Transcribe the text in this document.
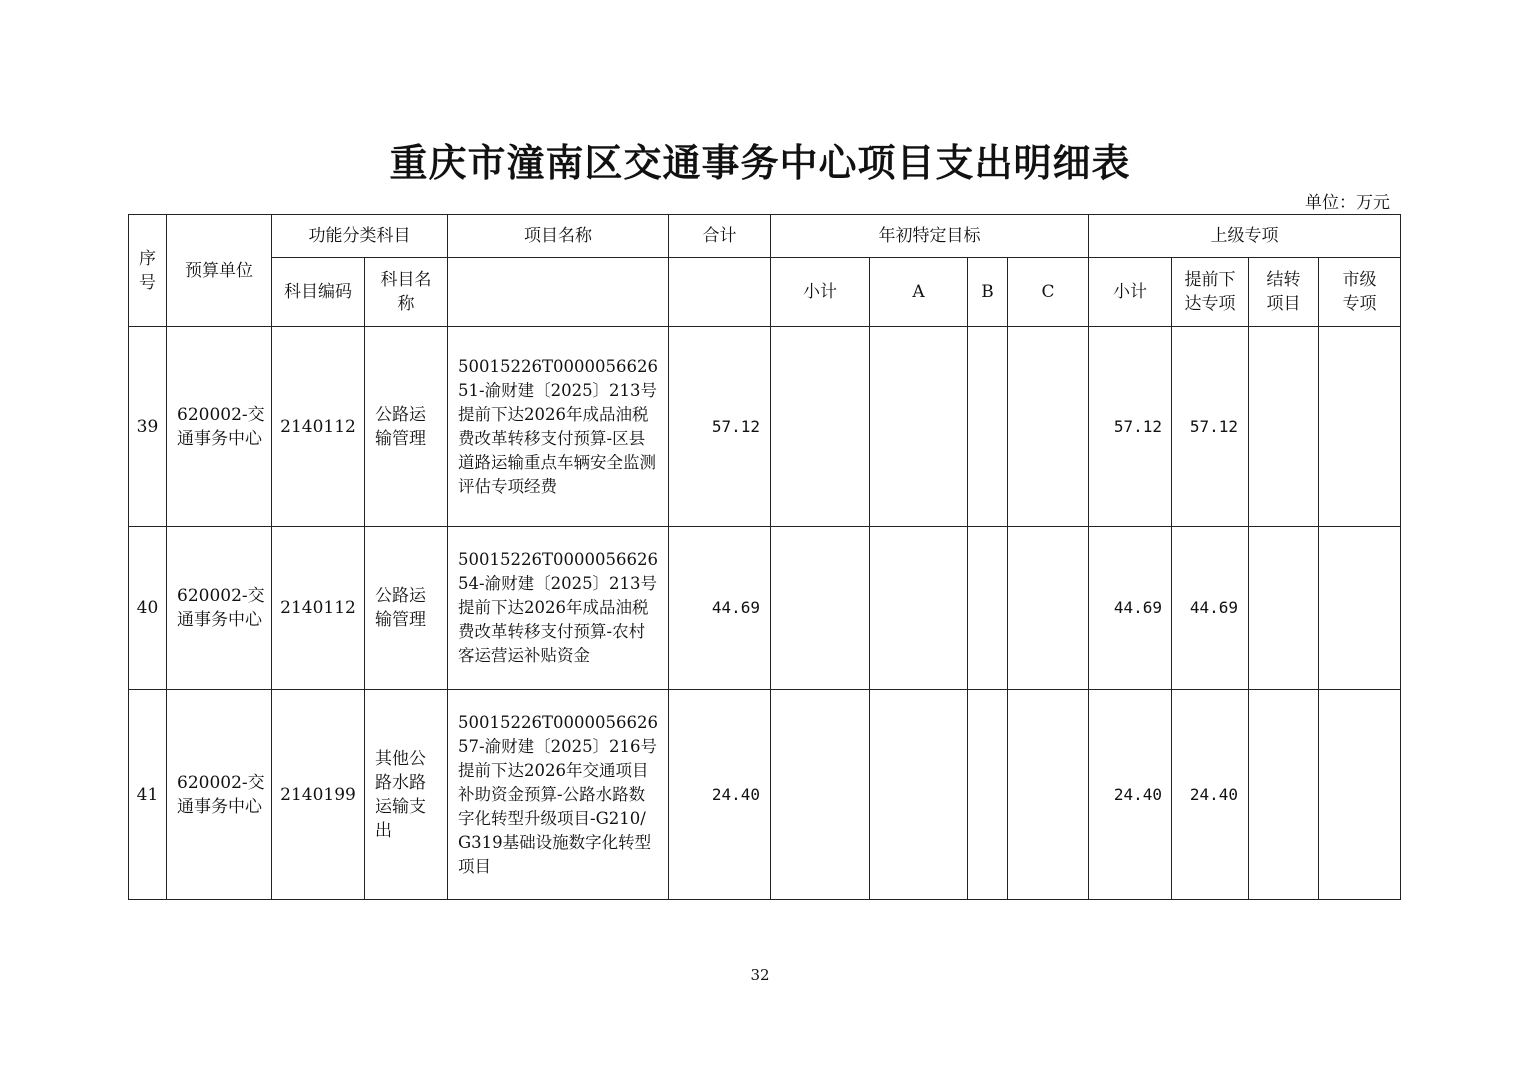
重庆市潼南区交通事务中心项目支出明细表
单位：万元
序号	预算单位	功能分类科目		项目名称	合计	年初特定目标				上级专项			
		科目编码	科目名称			小计	A	B	C	小计	提前下达专项	结转项目	市级专项
39	620002-交通事务中心	2140112	公路运输管理	50015226T000005662651-渝财建〔2025〕213号提前下达2026年成品油税费改革转移支付预算-区县道路运输重点车辆安全监测评估专项经费	57.12					57.12	57.12		
40	620002-交通事务中心	2140112	公路运输管理	50015226T000005662654-渝财建〔2025〕213号提前下达2026年成品油税费改革转移支付预算-农村客运营运补贴资金	44.69					44.69	44.69		
41	620002-交通事务中心	2140199	其他公路水路运输支出	50015226T000005662657-渝财建〔2025〕216号提前下达2026年交通项目补助资金预算-公路水路数字化转型升级项目-G210/G319基础设施数字化转型项目	24.40					24.40	24.40		
32
